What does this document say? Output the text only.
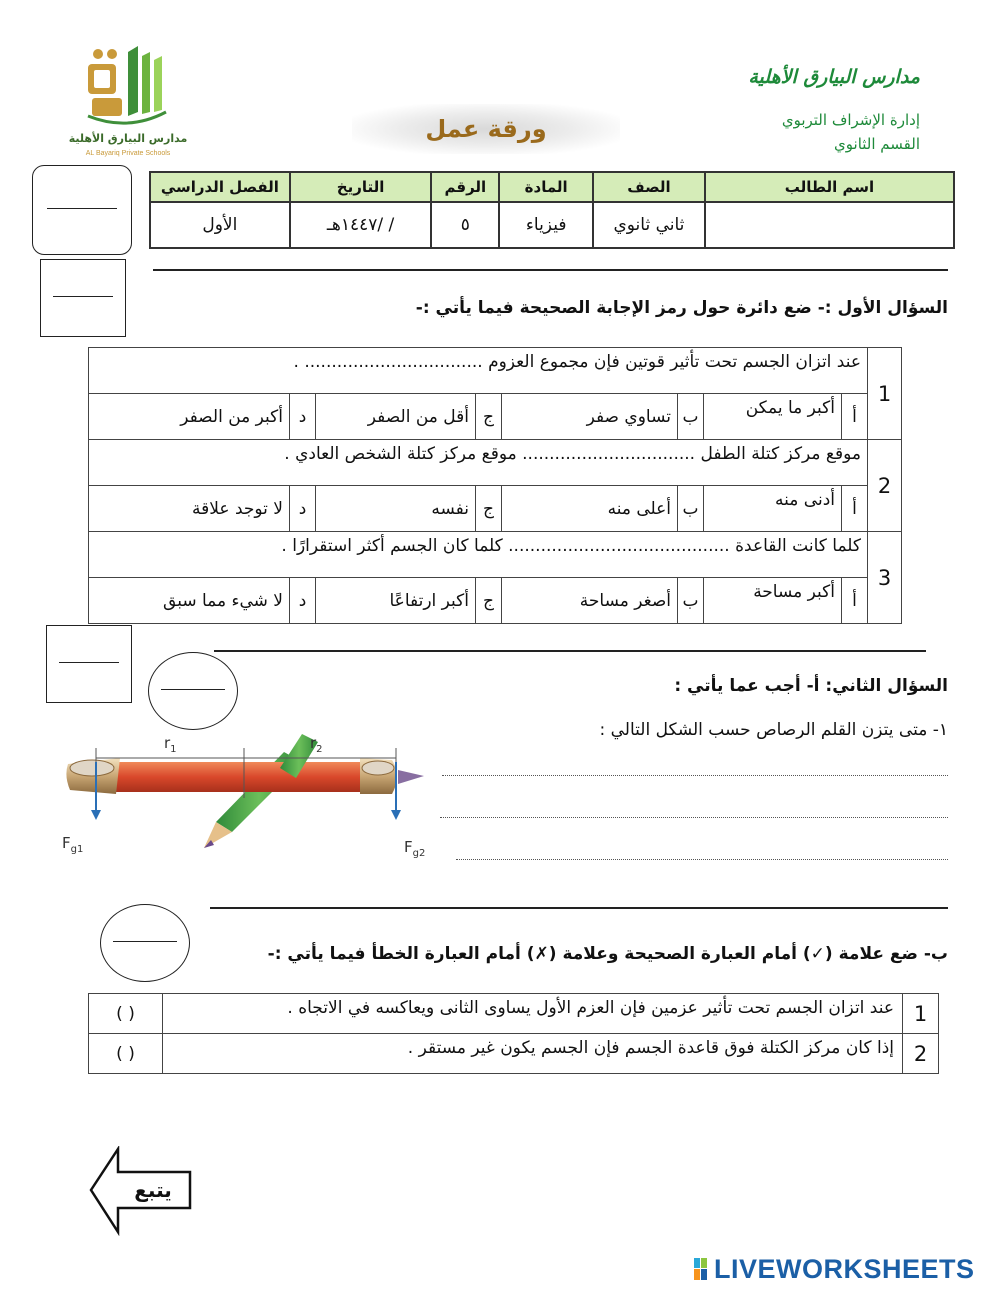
مدارس البيارق الأهلية
AL Bayariq Private Schools
مدارس البيارق الأهلية
إدارة الإشراف التربوي
القسم الثانوي
ورقة عمل
اسم الطالب	الصف	المادة	الرقم	التاريخ	الفصل الدراسي
	ثاني ثانوي	فيزياء	٥	/ /١٤٤٧هـ	الأول
السؤال الأول :- ضع دائرة حول رمز الإجابة الصحيحة فيما يأتي :-
1	عند اتزان الجسم تحت تأثير قوتين فإن مجموع العزوم ................................. .							
	أ	أكبر ما يمكن	ب	تساوي صفر	ج	أقل من الصفر	د	أكبر من الصفر
2	موقع مركز كتلة الطفل ................................ موقع مركز كتلة الشخص العادي .							
	أ	أدنى منه	ب	أعلى منه	ج	نفسه	د	لا توجد علاقة
3	كلما كانت القاعدة ......................................... كلما كان الجسم أكثر استقرارًا .							
	أ	أكبر مساحة	ب	أصغر مساحة	ج	أكبر ارتفاعًا	د	لا شيء مما سبق
السؤال الثاني: أ- أجب عما يأتي :
١- متى يتزن القلم الرصاص حسب الشكل التالي :
$r_1$	$r_2$
$F_{g1}$	$F_{g2}$
ب- ضع علامة (✓) أمام العبارة الصحيحة وعلامة (✗) أمام العبارة الخطأ فيما يأتي :-
1	عند اتزان الجسم تحت تأثير عزمين فإن العزم الأول يساوى الثانى ويعاكسه في الاتجاه .	( )
2	إذا كان مركز الكتلة فوق قاعدة الجسم فإن الجسم يكون غير مستقر .	( )
يتبع
LIVEWORKSHEETS
